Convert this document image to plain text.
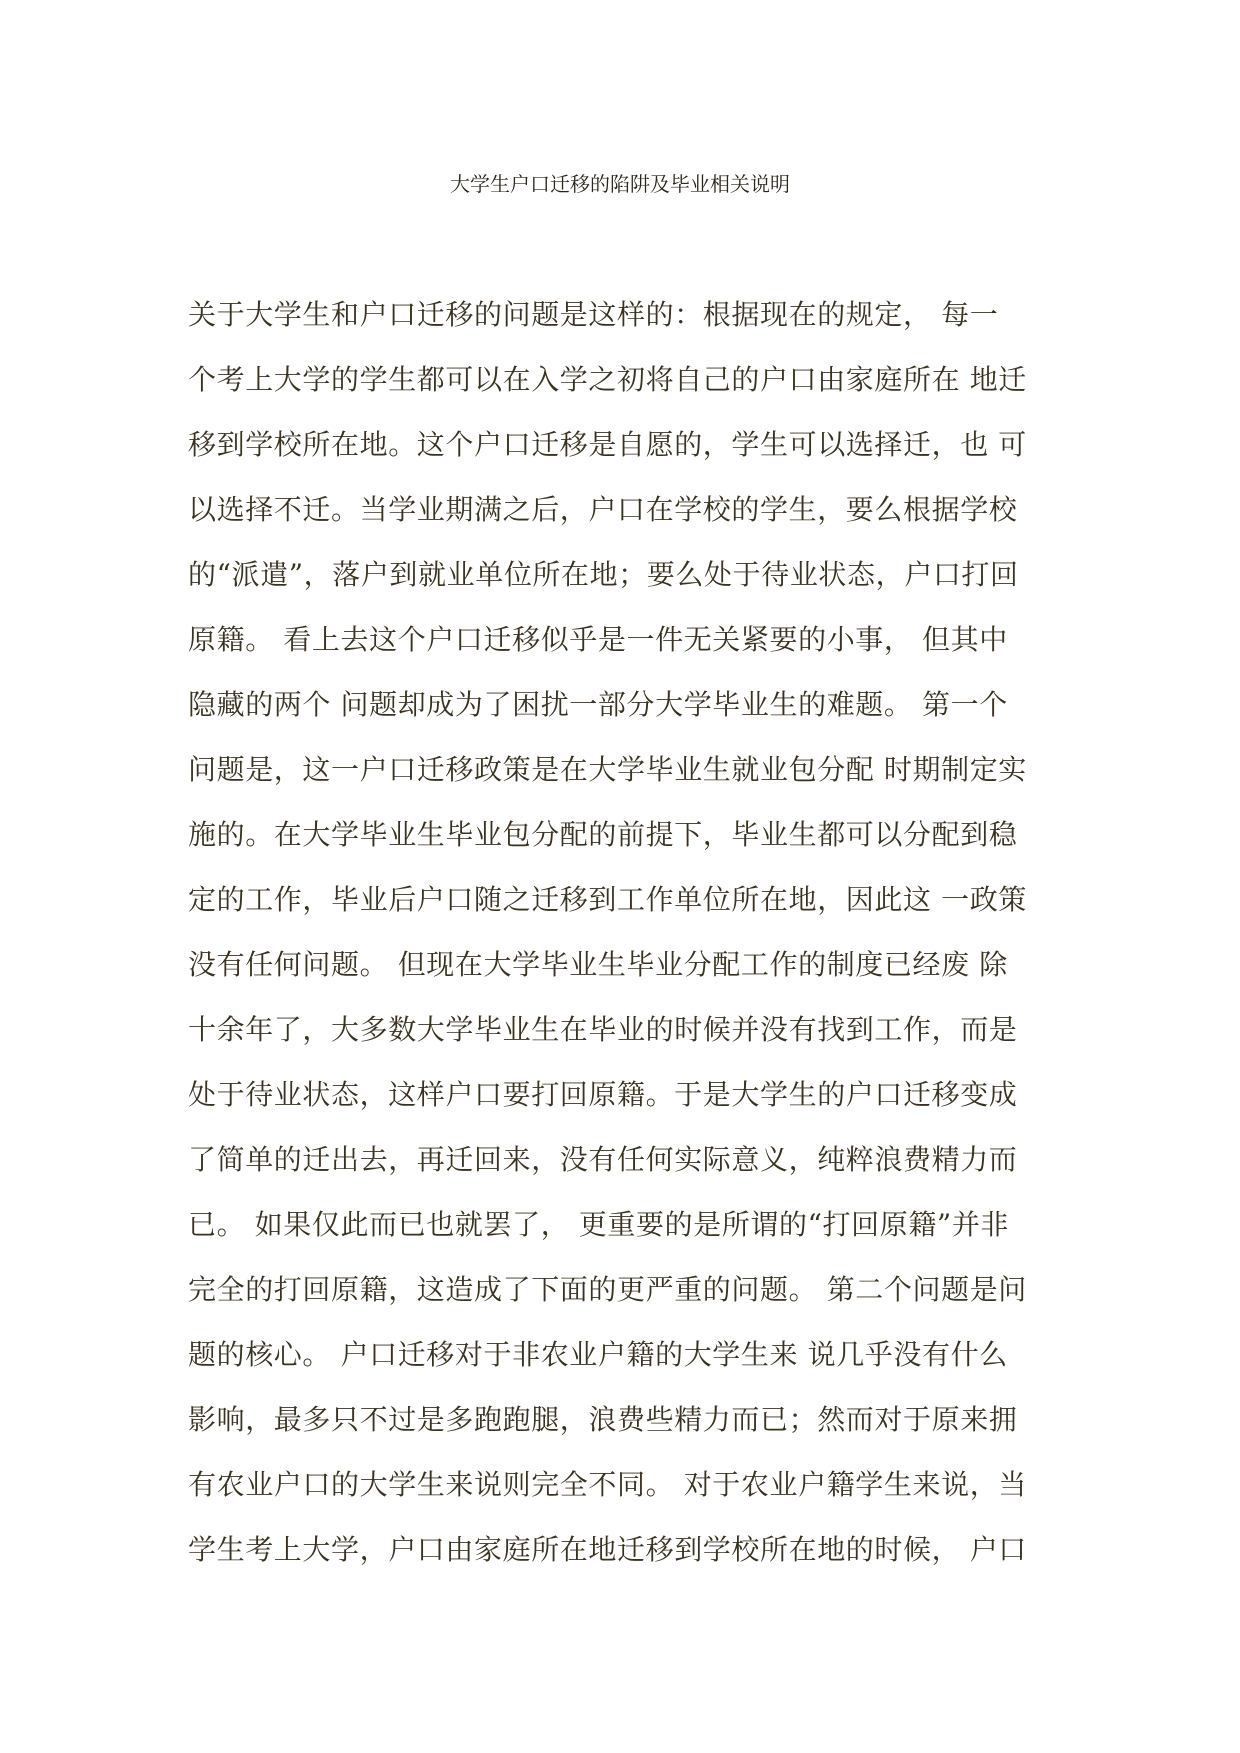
大学生户口迁移的陷阱及毕业相关说明
关于大学生和户口迁移的问题是这样的：根据现在的规定， 每一
个考上大学的学生都可以在入学之初将自己的户口由家庭所在 地迁
移到学校所在地。这个户口迁移是自愿的，学生可以选择迁，也 可
以选择不迁。当学业期满之后，户口在学校的学生，要么根据学校
的“派遣”，落户到就业单位所在地；要么处于待业状态，户口打回
原籍。 看上去这个户口迁移似乎是一件无关紧要的小事， 但其中
隐藏的两个 问题却成为了困扰一部分大学毕业生的难题。 第一个
问题是，这一户口迁移政策是在大学毕业生就业包分配 时期制定实
施的。在大学毕业生毕业包分配的前提下，毕业生都可以分配到稳
定的工作，毕业后户口随之迁移到工作单位所在地，因此这 一政策
没有任何问题。 但现在大学毕业生毕业分配工作的制度已经废 除
十余年了，大多数大学毕业生在毕业的时候并没有找到工作，而是
处于待业状态，这样户口要打回原籍。于是大学生的户口迁移变成
了简单的迁出去，再迁回来，没有任何实际意义，纯粹浪费精力而
已。 如果仅此而已也就罢了， 更重要的是所谓的“打回原籍”并非
完全的打回原籍，这造成了下面的更严重的问题。 第二个问题是问
题的核心。 户口迁移对于非农业户籍的大学生来 说几乎没有什么
影响，最多只不过是多跑跑腿，浪费些精力而已；然而对于原来拥
有农业户口的大学生来说则完全不同。 对于农业户籍学生来说，当
学生考上大学，户口由家庭所在地迁移到学校所在地的时候， 户口
